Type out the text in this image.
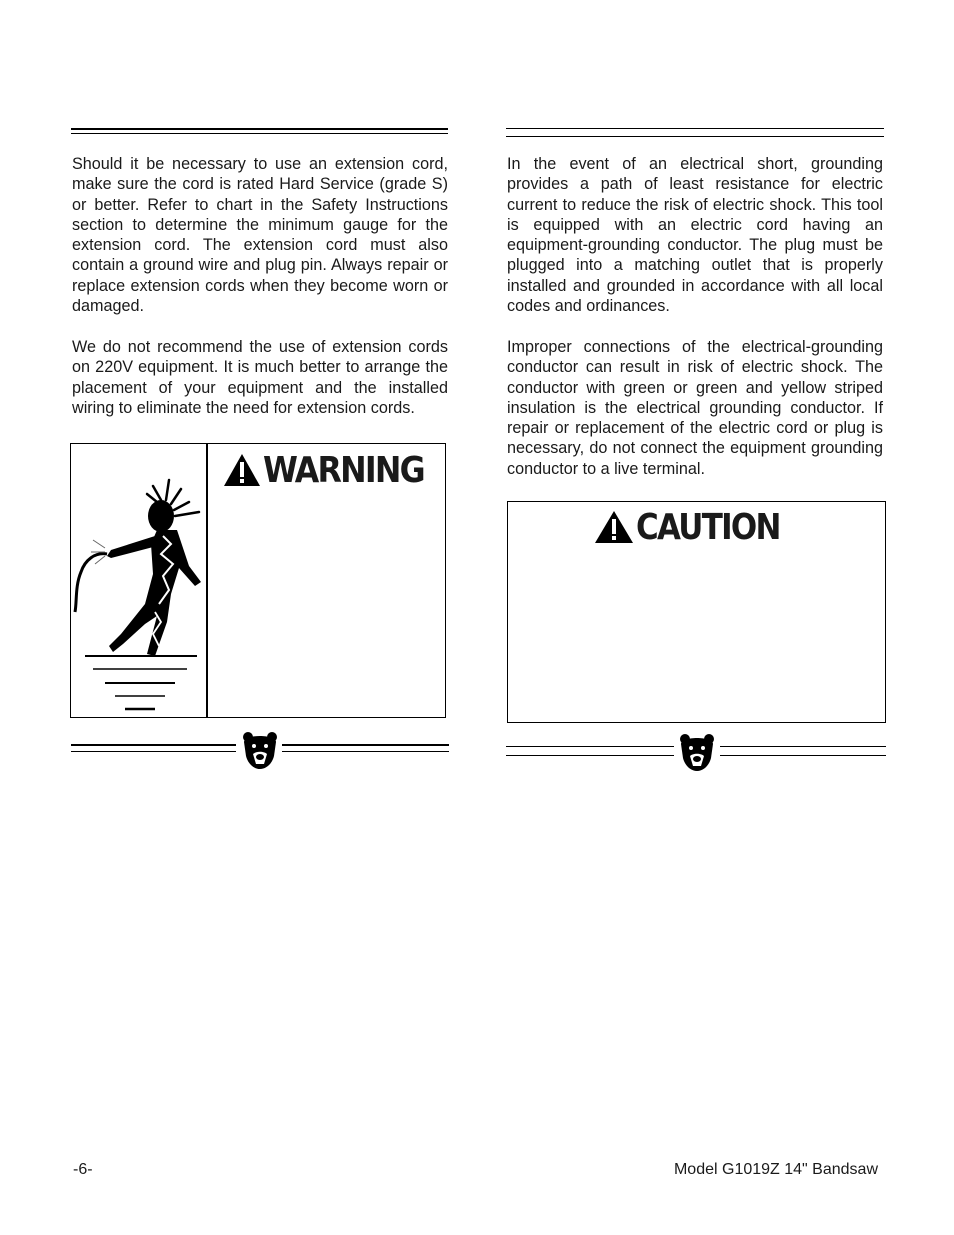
Should it be necessary to use an extension cord, make sure the cord is rated Hard Service (grade S) or better. Refer to chart in the Safety Instructions section to determine the minimum gauge for the extension cord. The extension cord must also contain a ground wire and plug pin. Always repair or replace extension cords when they become worn or damaged.

We do not recommend the use of extension cords on 220V equipment. It is much better to arrange the placement of your equipment and the installed wiring to eliminate the need for extension cords.

In the event of an electrical short, grounding provides a path of least resistance for electric current to reduce the risk of electric shock. This tool is equipped with an electric cord having an equipment-grounding conductor. The plug must be plugged into a matching outlet that is properly installed and grounded in accordance with all local codes and ordinances.

Improper connections of the electrical-grounding conductor can result in risk of electric shock. The conductor with green or green and yellow striped insulation is the electrical grounding conductor. If repair or replacement of the electric cord or plug is necessary, do not connect the equipment grounding conductor to a live terminal.

WARNING
CAUTION
-6-	Model G1019Z 14" Bandsaw
